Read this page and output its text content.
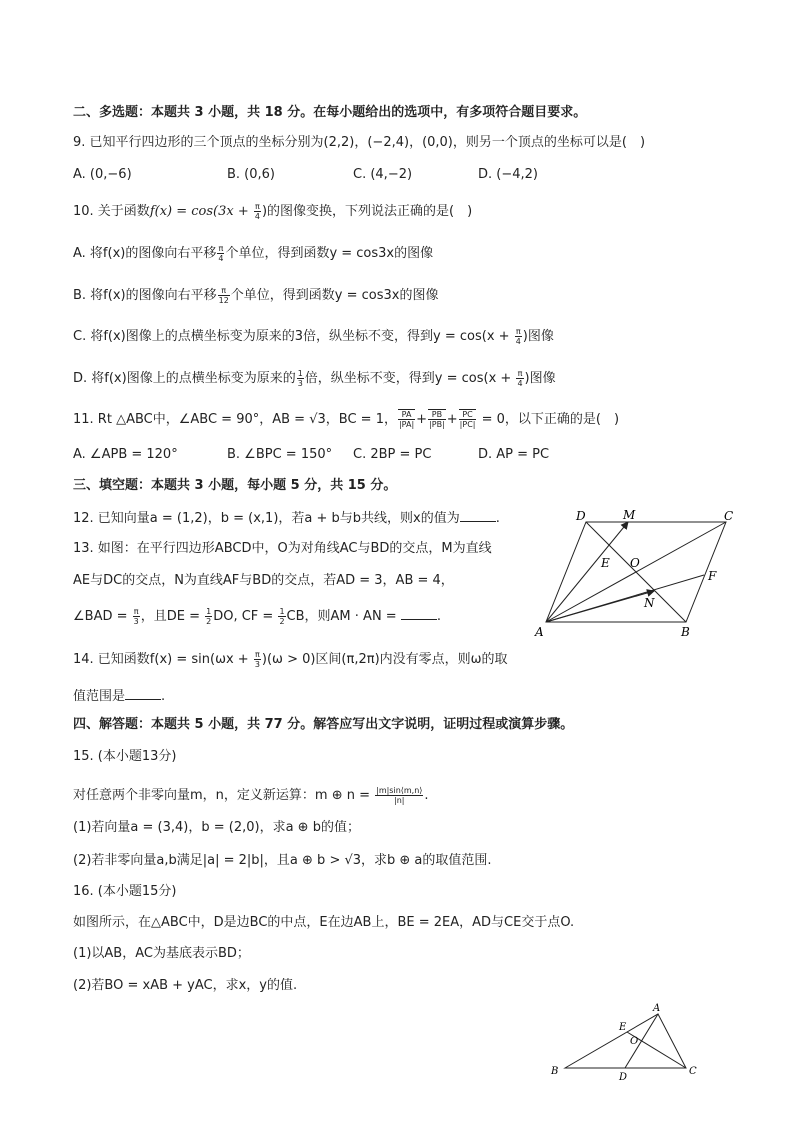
二、多选题：本题共 3 小题，共 18 分。在每小题给出的选项中，有多项符合题目要求。
9. 已知平行四边形的三个顶点的坐标分别为(2,2)，(−2,4)，(0,0)，则另一个顶点的坐标可以是(　)
A. (0,−6)	B. (0,6)	C. (4,−2)	D. (−4,2)
10. 关于函数$f(x) = \cos(3x + \frac{\pi}{4}$ )的图像变换，下列说法正确的是(　)
A. 将f(x)的图像向右平移 $\frac{\pi}{4}$ 个单位，得到函数y = cos3x的图像
B. 将f(x)的图像向右平移 $\frac{\pi}{12}$ 个单位，得到函数y = cos3x的图像
C. 将f(x)图像上的点横坐标变为原来的3倍，纵坐标不变，得到$y = \cos(x + \frac{\pi}{4}$ )图像
D. 将f(x)图像上的点横坐标变为原来的 $\frac{1}{3}$ 倍，纵坐标不变，得到$y = \cos(x + \frac{\pi}{4}$ )图像
11. Rt △ABC中，∠ABC = 90°，AB = √3，BC = 1， $\frac{PA}{|PA|} + \frac{PB}{|PB|} + \frac{PC}{|PC|} = 0$，以下正确的是(　)
A. ∠APB = 120°	B. ∠BPC = 150° C. 2BP = PC	D. AP = PC
三、填空题：本题共 3 小题，每小题 5 分，共 15 分。
12. 已知向量a = (1,2)，b = (x,1)，若a + b与b共线，则x的值为	.
13. 如图：在平行四边形ABCD中，O为对角线AC与BD的交点，M为直线
AE与DC的交点，N为直线AF与BD的交点，若AD = 3，AB = 4，
∠BAD = $\frac{\pi}{3}$ ，且DE = $\frac{1}{2}$ DO, CF = $\frac{1}{2}$ CB，则AM · AN =	.
14. 已知函数$f(x) = \sin(\omega x + \frac{\pi}{3} )(\omega > 0)$区间(π,2π)内没有零点，则ω的取
值范围是	.
A	B
C
D	M
E O
F
N
四、解答题：本题共 5 小题，共 77 分。解答应写出文字说明，证明过程或演算步骤。
15. (本小题13分)
对任意两个非零向量m，n，定义新运算：m ⊕ $n = \frac{|m|\sin⟨m,n⟩}{|n|}$ .
(1)若向量a = (3,4)，b = (2,0)，求a ⊕ b的值；
(2)若非零向量a,b满足|a| = 2|b|，且a ⊕ b > √3，求b ⊕ a的取值范围.
16. (本小题15分)
如图所示，在△ABC中，D是边BC的中点，E在边AB上，BE = 2EA，AD与CE交于点O.
(1)以AB，AC为基底表示BD；
(2)若BO = xAB + yAC，求x，y的值.
A
B	C
D
E
O
